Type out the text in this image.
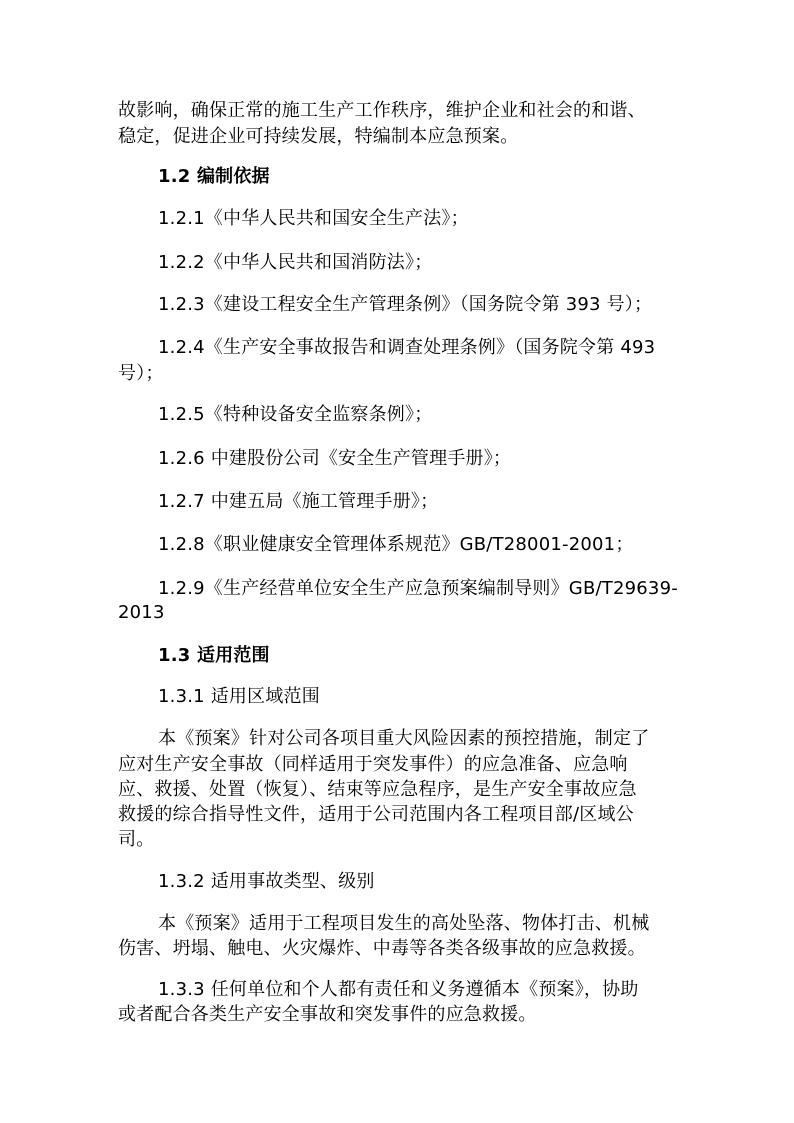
故影响，确保正常的施工生产工作秩序，维护企业和社会的和谐、
稳定，促进企业可持续发展，特编制本应急预案。
1.2 编制依据
1.2.1《中华人民共和国安全生产法》；
1.2.2《中华人民共和国消防法》；
1.2.3《建设工程安全生产管理条例》（国务院令第 393 号）；
1.2.4《生产安全事故报告和调查处理条例》（国务院令第 493
号）；
1.2.5《特种设备安全监察条例》；
1.2.6 中建股份公司《安全生产管理手册》；
1.2.7 中建五局《施工管理手册》；
1.2.8《职业健康安全管理体系规范》GB/T28001-2001；
1.2.9《生产经营单位安全生产应急预案编制导则》GB/T29639-
2013
1.3 适用范围
1.3.1 适用区域范围
本《预案》针对公司各项目重大风险因素的预控措施，制定了
应对生产安全事故（同样适用于突发事件）的应急准备、应急响
应、救援、处置（恢复）、结束等应急程序，是生产安全事故应急
救援的综合指导性文件，适用于公司范围内各工程项目部/区域公
司。
1.3.2 适用事故类型、级别
本《预案》适用于工程项目发生的高处坠落、物体打击、机械
伤害、坍塌、触电、火灾爆炸、中毒等各类各级事故的应急救援。
1.3.3 任何单位和个人都有责任和义务遵循本《预案》，协助
或者配合各类生产安全事故和突发事件的应急救援。
